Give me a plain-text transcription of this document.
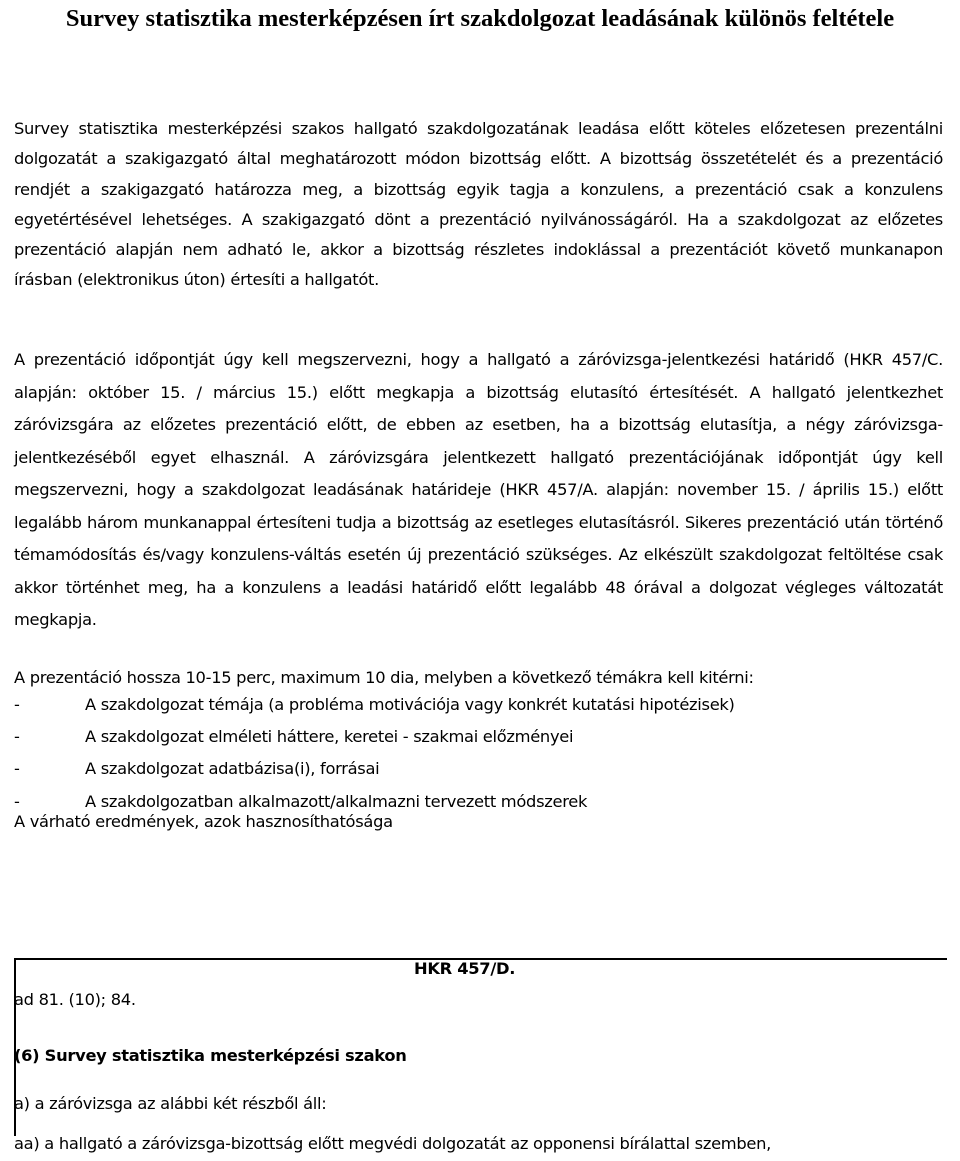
Survey statisztika mesterképzésen írt szakdolgozat leadásának különös feltétele

Survey statisztika mesterképzési szakos hallgató szakdolgozatának leadása előtt köteles előzetesen prezentálni dolgozatát a szakigazgató által meghatározott módon bizottság előtt. A bizottság összetételét és a prezentáció rendjét a szakigazgató határozza meg, a bizottság egyik tagja a konzulens, a prezentáció csak a konzulens egyetértésével lehetséges. A szakigazgató dönt a prezentáció nyilvánosságáról. Ha a szakdolgozat az előzetes prezentáció alapján nem adható le, akkor a bizottság részletes indoklással a prezentációt követő munkanapon írásban (elektronikus úton) értesíti a hallgatót.

A prezentáció időpontját úgy kell megszervezni, hogy a hallgató a záróvizsga-jelentkezési határidő (HKR 457/C. alapján: október 15. / március 15.) előtt megkapja a bizottság elutasító értesítését. A hallgató jelentkezhet záróvizsgára az előzetes prezentáció előtt, de ebben az esetben, ha a bizottság elutasítja, a négy záróvizsga-jelentkezéséből egyet elhasznál. A záróvizsgára jelentkezett hallgató prezentációjának időpontját úgy kell megszervezni, hogy a szakdolgozat leadásának határideje (HKR 457/A. alapján: november 15. / április 15.) előtt legalább három munkanappal értesíteni tudja a bizottság az esetleges elutasításról. Sikeres prezentáció után történő témamódosítás és/vagy konzulens-váltás esetén új prezentáció szükséges. Az elkészült szakdolgozat feltöltése csak akkor történhet meg, ha a konzulens a leadási határidő előtt legalább 48 órával a dolgozat végleges változatát megkapja.

A prezentáció hossza 10-15 perc, maximum 10 dia, melyben a következő témákra kell kitérni:

-	A szakdolgozat témája (a probléma motivációja vagy konkrét kutatási hipotézisek)
-	A szakdolgozat elméleti háttere, keretei - szakmai előzményei
-	A szakdolgozat adatbázisa(i), forrásai
-	A szakdolgozatban alkalmazott/alkalmazni tervezett módszerek
A várható eredmények, azok hasznosíthatósága
HKR 457/D.
ad 81. (10); 84.
(6) Survey statisztika mesterképzési szakon
a) a záróvizsga az alábbi két részből áll:
aa) a hallgató a záróvizsga-bizottság előtt megvédi dolgozatát az opponensi bírálattal szemben,
